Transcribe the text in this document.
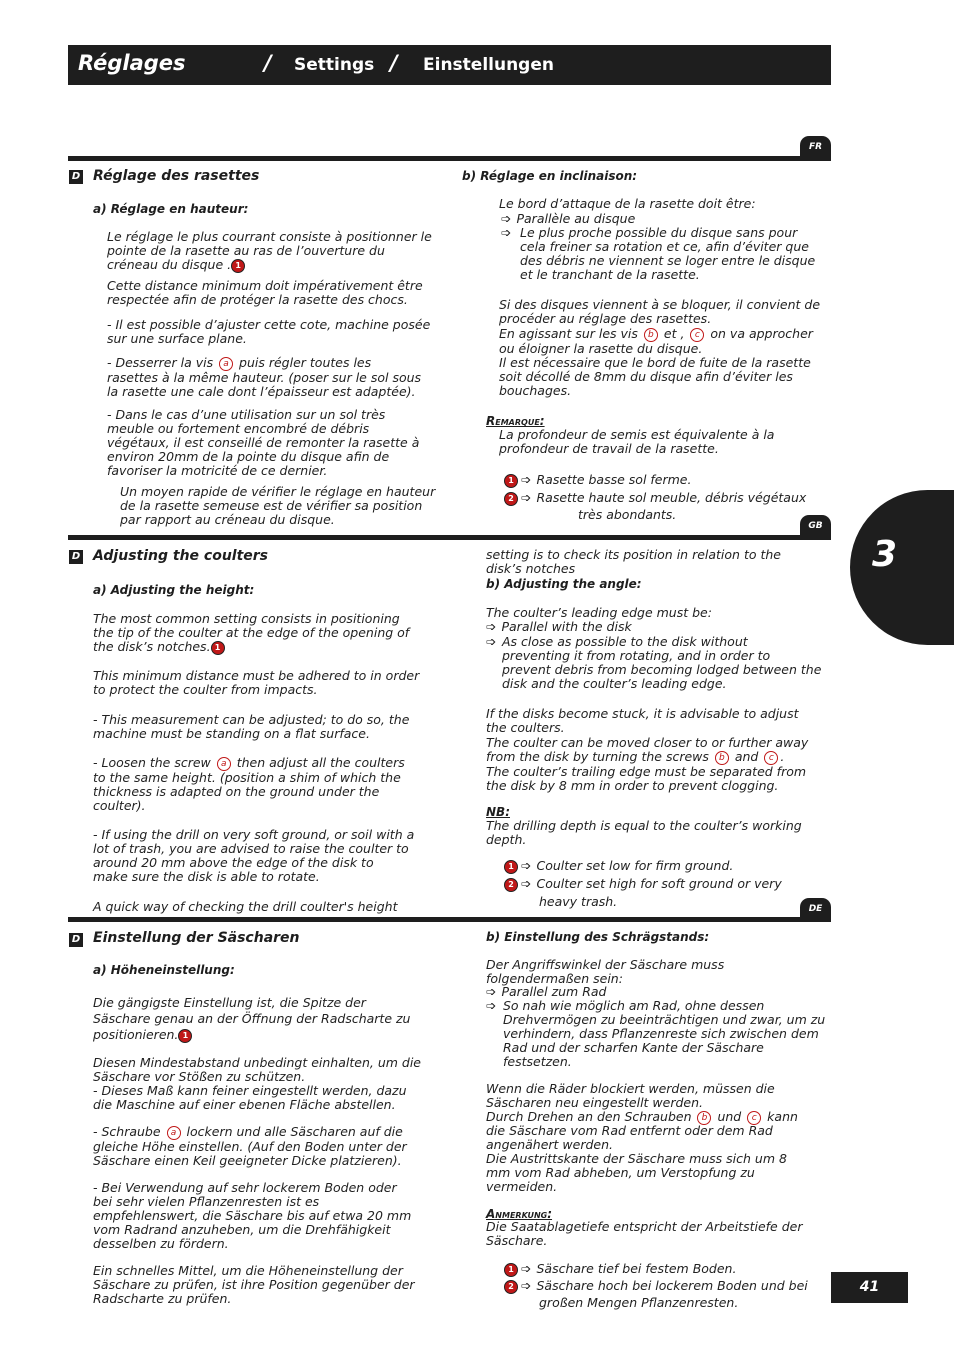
Réglages	/ Settings / Einstellungen
3
FR
D Réglage des rasettes
a) Réglage en hauteur:
Le réglage le plus courrant consiste à positionner le
pointe de la rasette au ras de l’ouverture du
créneau du disque . 1
Cette distance minimum doit impérativement être
respectée afin de protéger la rasette des chocs.
- Il est possible d’ajuster cette cote, machine posée
sur une surface plane.
- Desserrer la vis a puis régler toutes les
rasettes à la même hauteur. (poser sur le sol sous
la rasette une cale dont l’épaisseur est adaptée).
- Dans le cas d’une utilisation sur un sol très
meuble ou fortement encombré de débris
végétaux, il est conseillé de remonter la rasette à
environ 20mm de la pointe du disque afin de
favoriser la motricité de ce dernier.
Un moyen rapide de vérifier le réglage en hauteur
de la rasette semeuse est de vérifier sa position
par rapport au créneau du disque.
b) Réglage en inclinaison:
Le bord d’attaque de la rasette doit être:
➩ Parallèle au disque
➩ Le plus proche possible du disque sans pour
cela freiner sa rotation et ce, afin d’éviter que
des débris ne viennent se loger entre le disque
et le tranchant de la rasette.
Si des disques viennent à se bloquer, il convient de
procéder au réglage des rasettes.
En agissant sur les vis b et , c on va approcher
ou éloigner la rasette du disque.
Il est nécessaire que le bord de fuite de la rasette
soit décollé de 8mm du disque afin d’éviter les
bouchages.
Remarque:
La profondeur de semis est équivalente à la
profondeur de travail de la rasette.
1 ➩ Rasette basse sol ferme.
2 ➩ Rasette haute sol meuble, débris végétaux
très abondants.
GB
D Adjusting the coulters
a) Adjusting the height:
The most common setting consists in positioning
the tip of the coulter at the edge of the opening of
the disk’s notches. 1
This minimum distance must be adhered to in order
to protect the coulter from impacts.
- This measurement can be adjusted; to do so, the
machine must be standing on a flat surface.
- Loosen the screw a then adjust all the coulters
to the same height. (position a shim of which the
thickness is adapted on the ground under the
coulter).
- If using the drill on very soft ground, or soil with a
lot of trash, you are advised to raise the coulter to
around 20 mm above the edge of the disk to
make sure the disk is able to rotate.
A quick way of checking the drill coulter's height
setting is to check its position in relation to the
disk’s notches
b) Adjusting the angle:
The coulter’s leading edge must be:
➩ Parallel with the disk
➩ As close as possible to the disk without
preventing it from rotating, and in order to
prevent debris from becoming lodged between the
disk and the coulter’s leading edge.
If the disks become stuck, it is advisable to adjust
the coulters.
The coulter can be moved closer to or further away
from the disk by turning the screws b and c .
The coulter’s trailing edge must be separated from
the disk by 8 mm in order to prevent clogging.
NB:
The drilling depth is equal to the coulter’s working
depth.
1 ➩ Coulter set low for firm ground.
2 ➩ Coulter set high for soft ground or very
heavy trash.	DE
D Einstellung der Säscharen
a) Höheneinstellung:
Die gängigste Einstellung ist, die Spitze der
Säschare genau an der Öffnung der Radscharte zu
positionieren. 1
Diesen Mindestabstand unbedingt einhalten, um die
Säschare vor Stößen zu schützen.
- Dieses Maß kann feiner eingestellt werden, dazu
die Maschine auf einer ebenen Fläche abstellen.
- Schraube a lockern und alle Säscharen auf die
gleiche Höhe einstellen. (Auf den Boden unter der
Säschare einen Keil geeigneter Dicke platzieren).
- Bei Verwendung auf sehr lockerem Boden oder
bei sehr vielen Pflanzenresten ist es
empfehlenswert, die Säschare bis auf etwa 20 mm
vom Radrand anzuheben, um die Drehfähigkeit
desselben zu fördern.
Ein schnelles Mittel, um die Höheneinstellung der
Säschare zu prüfen, ist ihre Position gegenüber der
Radscharte zu prüfen.
b) Einstellung des Schrägstands:
Der Angriffswinkel der Säschare muss
folgendermaßen sein:
➩ Parallel zum Rad
➩ So nah wie möglich am Rad, ohne dessen
Drehvermögen zu beeinträchtigen und zwar, um zu
verhindern, dass Pflanzenreste sich zwischen dem
Rad und der scharfen Kante der Säschare
festsetzen.
Wenn die Räder blockiert werden, müssen die
Säscharen neu eingestellt werden.
Durch Drehen an den Schrauben b und c kann
die Säschare vom Rad entfernt oder dem Rad
angenähert werden.
Die Austrittskante der Säschare muss sich um 8
mm vom Rad abheben, um Verstopfung zu
vermeiden.
Anmerkung:
Die Saatablagetiefe entspricht der Arbeitstiefe der
Säschare.
1 ➩ Säschare tief bei festem Boden.
2 ➩ Säschare hoch bei lockerem Boden und bei
großen Mengen Pflanzenresten.
41
